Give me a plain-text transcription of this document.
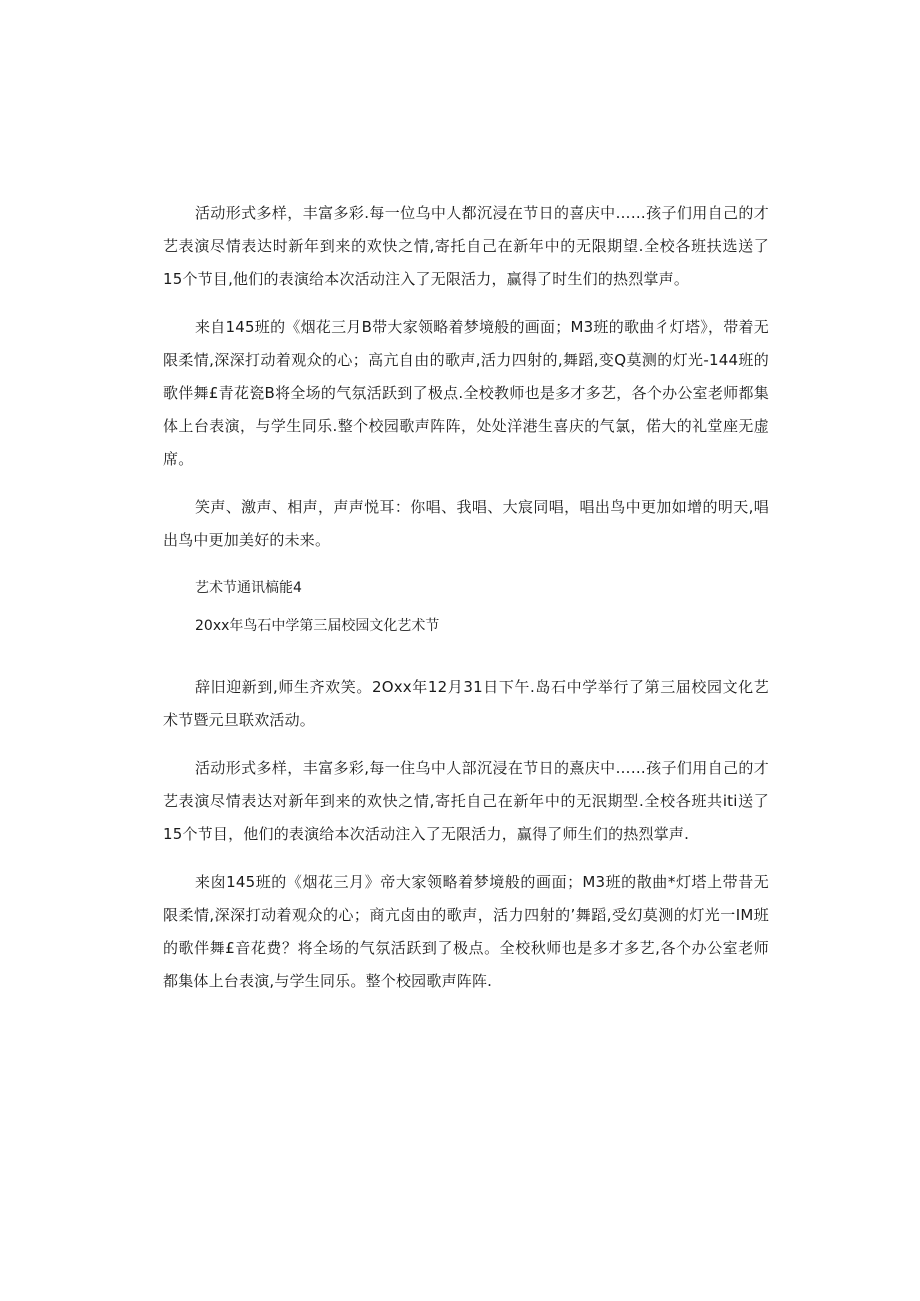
活动形式多样，丰富多彩.每一位乌中人都沉浸在节日的喜庆中……孩子们用自己的才艺表演尽情表达时新年到来的欢快之情,寄托自己在新年中的无限期望.全校各班扶选送了15个节目,他们的表演给本次活动注入了无限活力，赢得了时生们的热烈掌声。

来自145班的《烟花三月B带大家领略着梦境般的画面；M3班的歌曲彳灯塔》，带着无限柔情,深深打动着观众的心；高亢自由的歌声,活力四射的,舞蹈,变Q莫测的灯光-144班的歌伴舞£青花瓷B将全场的气氛活跃到了极点.全校教师也是多才多艺，各个办公室老师都集体上台表演，与学生同乐.整个校园歌声阵阵，处处洋港生喜庆的气氯，偌大的礼堂座无虚席。

笑声、激声、相声，声声悦耳：你唱、我唱、大宸同唱，唱出鸟中更加如增的明天,唱出鸟中更加美好的未来。

艺术节通讯槁能4
20xx年鸟石中学第三届校园文化艺术节

辞旧迎新到,师生齐欢笑。2Oxx年12月31日下午.岛石中学举行了第三届校园文化艺术节暨元旦联欢活动。

活动形式多样，丰富多彩,每一住乌中人部沉浸在节日的熹庆中……孩子们用自己的才艺表演尽情表达对新年到来的欢快之情,寄托自己在新年中的无泯期型.全校各班共iti送了15个节目，他们的表演给本次活动注入了无限活力，赢得了师生们的热烈掌声.

来囱145班的《烟花三月》帝大家领略着梦境般的画面；M3班的散曲*灯塔上带昔无限柔情,深深打动着观众的心；商亢卤由的歌声，活力四射的’舞蹈,受幻莫测的灯光一IM班的歌伴舞£音花费？将全场的气氛活跃到了极点。全校秋师也是多才多艺,各个办公室老师都集体上台表演,与学生同乐。整个校园歌声阵阵.
